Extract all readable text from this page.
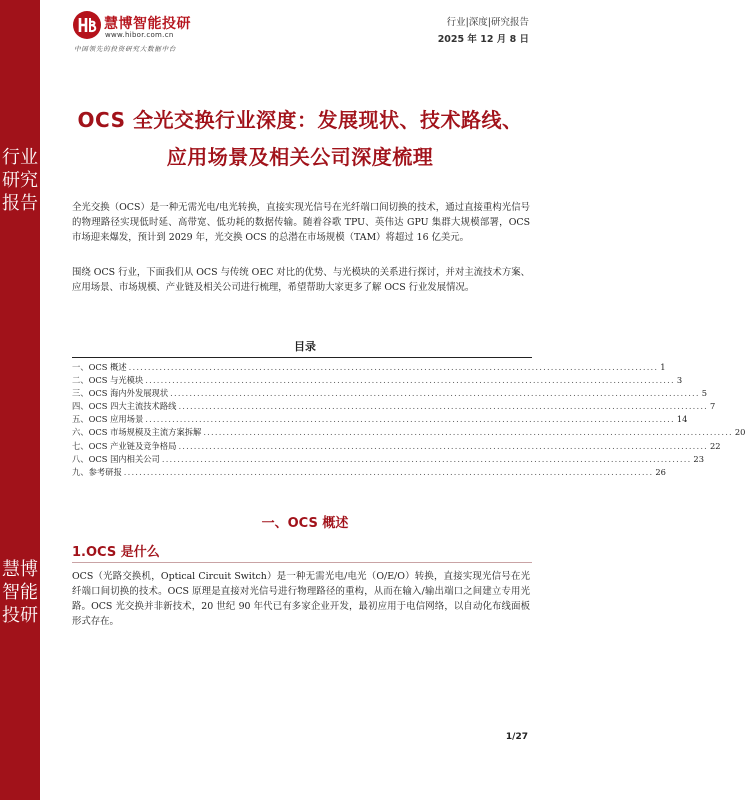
行业研究报告
慧博智能投研
慧博智能投研
www.hibor.com.cn
中国领先的投资研究大数据中台
行业|深度|研究报告
2025 年 12 月 8 日
OCS 全光交换行业深度：发展现状、技术路线、应用场景及相关公司深度梳理
全光交换（OCS）是一种无需光电/电光转换，直接实现光信号在光纤端口间切换的技术，通过直接重构光信号的物理路径实现低时延、高带宽、低功耗的数据传输。随着谷歌 TPU、英伟达 GPU 集群大规模部署，OCS 市场迎来爆发，预计到 2029 年，光交换 OCS 的总潜在市场规模（TAM）将超过 16 亿美元。
围绕 OCS 行业，下面我们从 OCS 与传统 OEC 对比的优势、与光模块的关系进行探讨，并对主流技术方案、应用场景、市场规模、产业链及相关公司进行梳理，希望帮助大家更多了解 OCS 行业发展情况。
目录
一、OCS 概述 .......................................................................................................................................... 1
二、OCS 与光模块 .......................................................................................................................................... 3
三、OCS 海内外发展现状 .......................................................................................................................................... 5
四、OCS 四大主流技术路线 .......................................................................................................................................... 7
五、OCS 应用场景 .......................................................................................................................................... 14
六、OCS 市场规模及主流方案拆解 .......................................................................................................................................... 20
七、OCS 产业链及竞争格局 .......................................................................................................................................... 22
八、OCS 国内相关公司 .......................................................................................................................................... 23
九、参考研报 .......................................................................................................................................... 26
一、OCS 概述
1.OCS 是什么
OCS（光路交换机，Optical Circuit Switch）是一种无需光电/电光（O/E/O）转换，直接实现光信号在光纤端口间切换的技术。OCS 原理是直接对光信号进行物理路径的重构，从而在输入/输出端口之间建立专用光路。OCS 光交换并非新技术，20 世纪 90 年代已有多家企业开发，最初应用于电信网络，以自动化布线面板形式存在。
1/27
